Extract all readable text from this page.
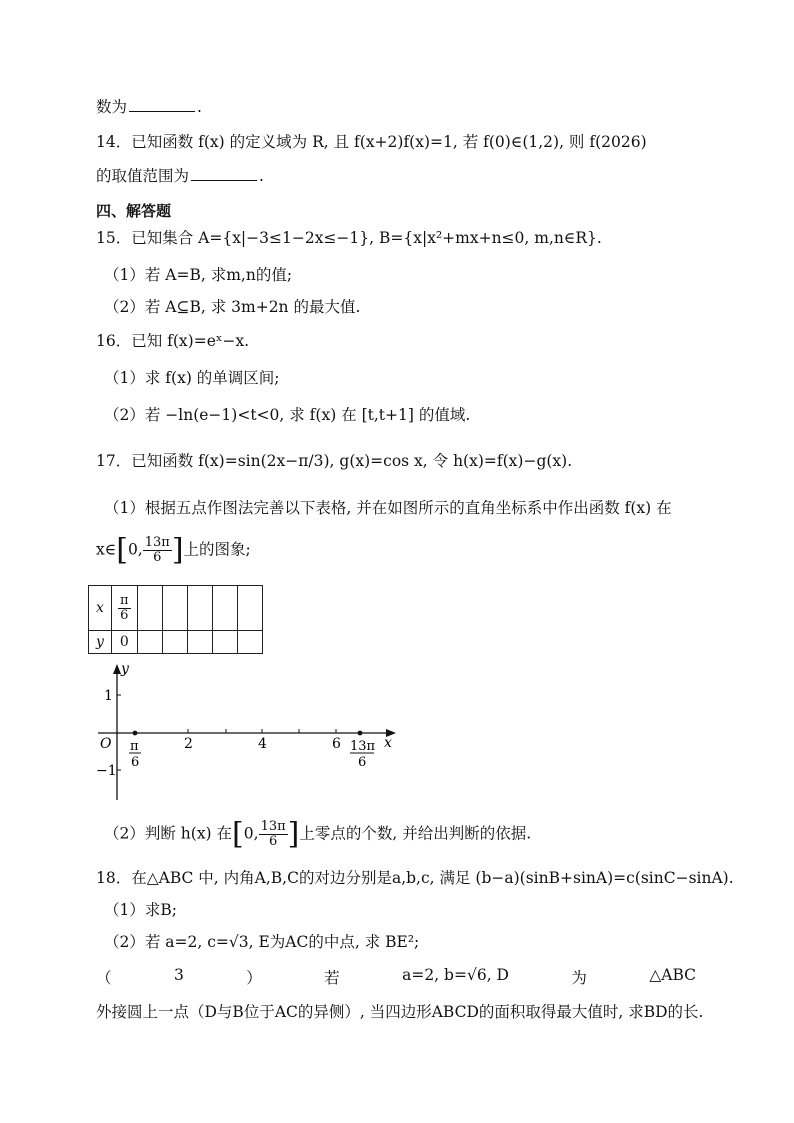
数为	.
14．已知函数 f(x) 的定义域为 R, 且 f(x+2)f(x)=1, 若 f(0)∈(1,2), 则 f(2026)
的取值范围为	.
四、解答题
15．已知集合 A={x|−3≤1−2x≤−1}, B={x|x²+mx+n≤0, m,n∈R}.
（1）若 A=B, 求m,n的值;
（2）若 A⊆B, 求 3m+2n 的最大值.
16．已知 f(x)=eˣ−x.
（1）求 f(x) 的单调区间;
（2）若 −ln(e−1)<t<0, 求 f(x) 在 [t,t+1] 的值域.
17．已知函数 f(x)=sin(2x−π/3), g(x)=cos x, 令 h(x)=f(x)−g(x).
（1）根据五点作图法完善以下表格, 并在如图所示的直角坐标系中作出函数 f(x) 在
x∈[0, $\frac{13\pi}{6}$ ]上的图象;
x	$\frac{\pi}{6}$

y	0					
y
x
O
1
−1
2	4	6
π
6
13π
6
（2）判断 h(x) 在[0, $\frac{13\pi}{6}$ ]上零点的个数, 并给出判断的依据.
18．在△ABC 中, 内角A,B,C的对边分别是a,b,c, 满足 (b−a)(sinB+sinA)=c(sinC−sinA).
（1）求B;
（2）若 a=2, c=√3, E为AC的中点, 求 BE²;
（	3	）	若	a=2, b=√6, D	为	△ABC
外接圆上一点（D与B位于AC的异侧）, 当四边形ABCD的面积取得最大值时, 求BD的长.
